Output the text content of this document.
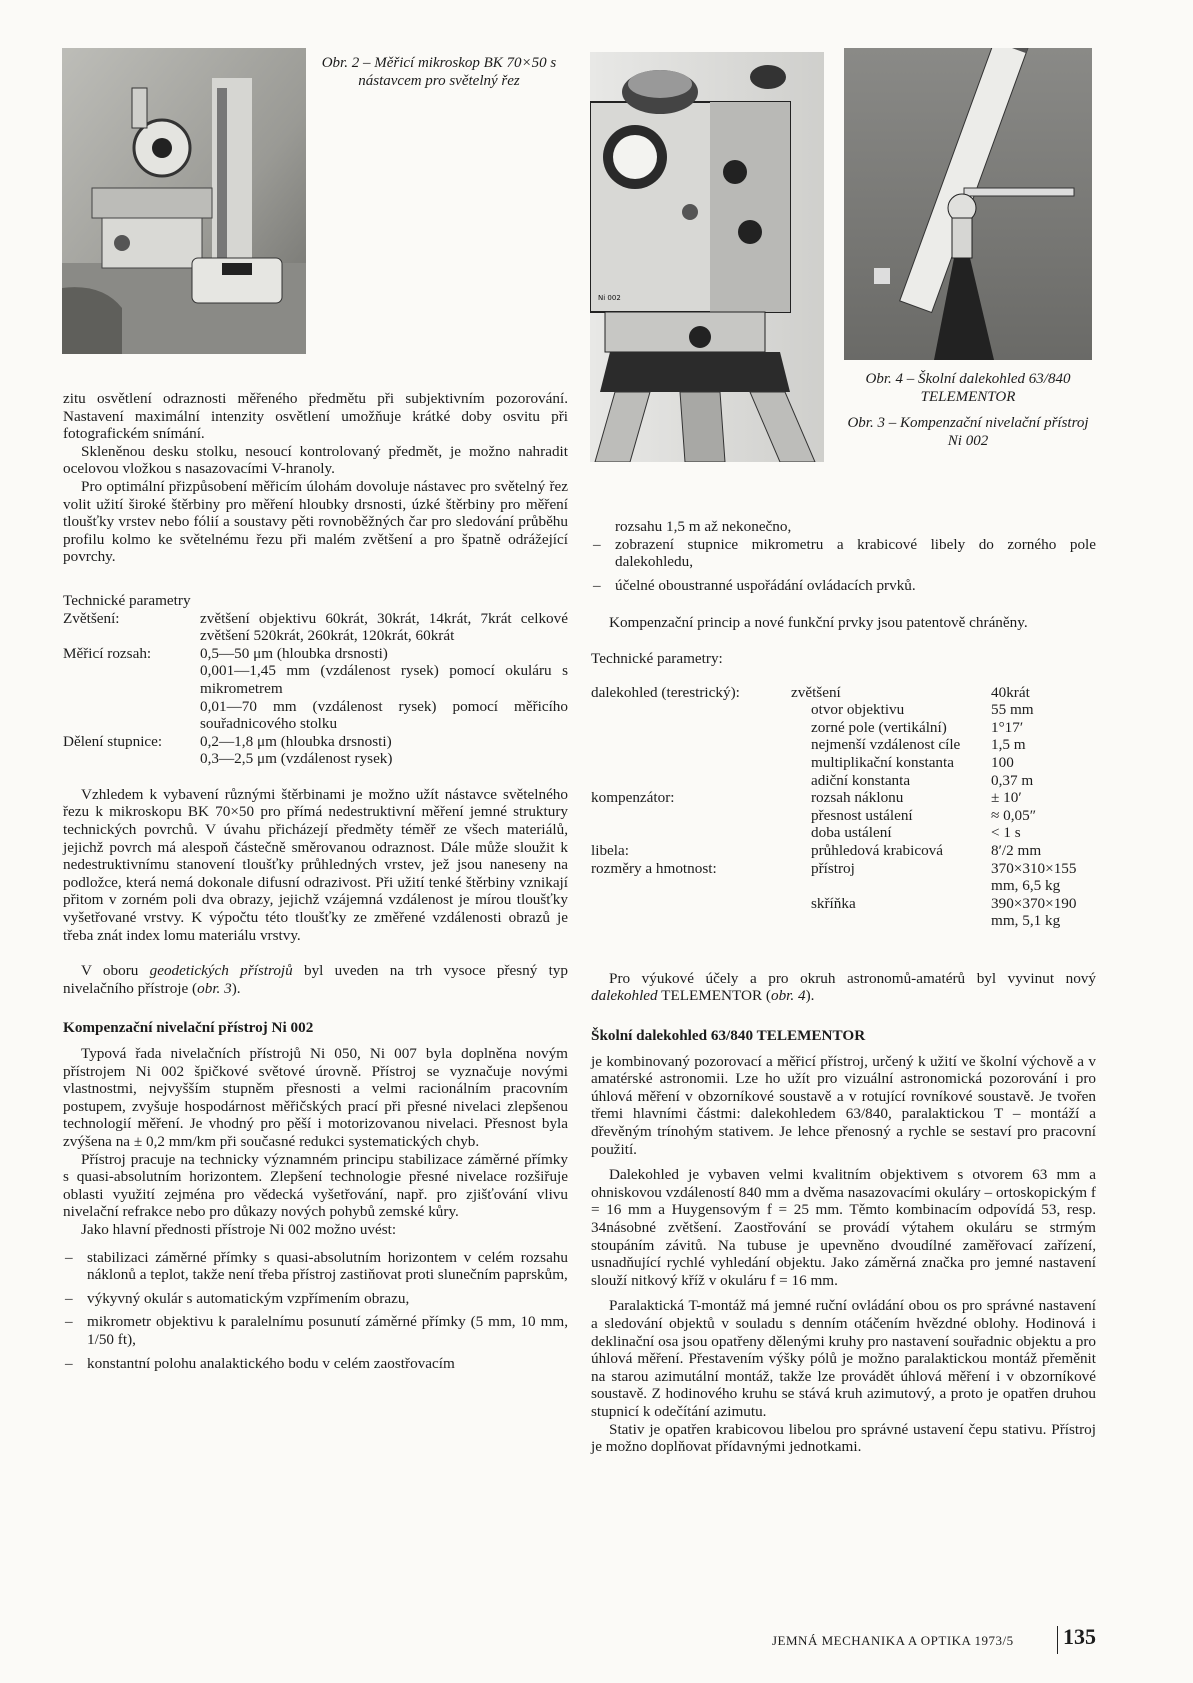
Obr. 2 – Měřicí mikroskop BK 70×50 s nástavcem pro světelný řez
Ni 002
Obr. 4 – Školní dalekohled 63/840 TELEMENTOR
Obr. 3 – Kompenzační nivelační přístroj Ni 002

zitu osvětlení odraznosti měřeného předmětu při subjektivním pozorování. Nastavení maximální intenzity osvětlení umožňuje krátké doby osvitu při fotografickém snímání.

Skleněnou desku stolku, nesoucí kontrolovaný předmět, je možno nahradit ocelovou vložkou s nasazovacími V-hranoly.

Pro optimální přizpůsobení měřicím úlohám dovoluje nástavec pro světelný řez volit užití široké štěrbiny pro měření hloubky drsnosti, úzké štěrbiny pro měření tloušťky vrstev nebo fólií a soustavy pěti rovnoběžných čar pro sledování průběhu profilu kolmo ke světelnému řezu při malém zvětšení a pro špatně odrážející povrchy.

Technické parametry

Zvětšení:	zvětšení objektivu 60krát, 30krát, 14krát, 7krát celkové zvětšení 520krát, 260krát, 120krát, 60krát
Měřicí rozsah:	0,5—50 μm (hloubka drsnosti)
	0,001—1,45 mm (vzdálenost rysek) pomocí okuláru s mikrometrem
	0,01—70 mm (vzdálenost rysek) pomocí měřicího souřadnicového stolku
Dělení stupnice:	0,2—1,8 μm (hloubka drsnosti)
	0,3—2,5 μm (vzdálenost rysek)

Vzhledem k vybavení různými štěrbinami je možno užít nástavce světelného řezu k mikroskopu BK 70×50 pro přímá nedestruktivní měření jemné struktury technických povrchů. V úvahu přicházejí předměty téměř ze všech materiálů, jejichž povrch má alespoň částečně směrovanou odraznost. Dále může sloužit k nedestruktivnímu stanovení tloušťky průhledných vrstev, jež jsou naneseny na podložce, která nemá dokonale difusní odrazivost. Při užití tenké štěrbiny vznikají přitom v zorném poli dva obrazy, jejichž vzájemná vzdálenost je mírou tloušťky vyšetřované vrstvy. K výpočtu této tloušťky ze změřené vzdálenosti obrazů je třeba znát index lomu materiálu vrstvy.

V oboru geodetických přístrojů byl uveden na trh vysoce přesný typ nivelačního přístroje (obr. 3).

Kompenzační nivelační přístroj Ni 002

Typová řada nivelačních přístrojů Ni 050, Ni 007 byla doplněna novým přístrojem Ni 002 špičkové světové úrovně. Přístroj se vyznačuje novými vlastnostmi, nejvyšším stupněm přesnosti a velmi racionálním pracovním postupem, zvyšuje hospodárnost měřičských prací při přesné nivelaci zlepšenou technologií měření. Je vhodný pro pěší i motorizovanou nivelaci. Přesnost byla zvýšena na ± 0,2 mm/km při současné redukci systematických chyb.

Přístroj pracuje na technicky významném principu stabilizace záměrné přímky s quasi-absolutním horizontem. Zlepšení technologie přesné nivelace rozšiřuje oblasti využití zejména pro vědecká vyšetřování, např. pro zjišťování vlivu nivelační refrakce nebo pro důkazy nových pohybů zemské kůry.

Jako hlavní přednosti přístroje Ni 002 možno uvést:

– stabilizaci záměrné přímky s quasi-absolutním horizontem v celém rozsahu náklonů a teplot, takže není třeba přístroj zastiňovat proti slunečním paprskům,
– výkyvný okulár s automatickým vzpřímením obrazu,
– mikrometr objektivu k paralelnímu posunutí záměrné přímky (5 mm, 10 mm, 1/50 ft),
– konstantní polohu analaktického bodu v celém zaostřovacím

rozsahu 1,5 m až nekonečno,

– zobrazení stupnice mikrometru a krabicové libely do zorného pole dalekohledu,
– účelné oboustranné uspořádání ovládacích prvků.

Kompenzační princip a nové funkční prvky jsou patentově chráněny.

Technické parametry:

dalekohled (terestrický):	zvětšení	40krát
	otvor objektivu	55 mm
	zorné pole (vertikální)	1°17′
	nejmenší vzdálenost cíle	1,5 m
	multiplikační konstanta	100
	adiční konstanta	0,37 m
kompenzátor:	rozsah náklonu	± 10′
	přesnost ustálení	≈ 0,05″
	doba ustálení	< 1 s
libela:	průhledová krabicová	8′/2 mm
rozměry a hmotnost:	přístroj	370×310×155 mm, 6,5 kg
	skříňka	390×370×190 mm, 5,1 kg

Pro výukové účely a pro okruh astronomů-amatérů byl vyvinut nový dalekohled TELEMENTOR (obr. 4).

Školní dalekohled 63/840 TELEMENTOR

je kombinovaný pozorovací a měřicí přístroj, určený k užití ve školní výchově a v amatérské astronomii. Lze ho užít pro vizuální astronomická pozorování i pro úhlová měření v obzorníkové soustavě a v rotující rovníkové soustavě. Je tvořen třemi hlavními částmi: dalekohledem 63/840, paralaktickou T – montáží a dřevěným trínohým stativem. Je lehce přenosný a rychle se sestaví pro pracovní použití.

Dalekohled je vybaven velmi kvalitním objektivem s otvorem 63 mm a ohniskovou vzdáleností 840 mm a dvěma nasazovacími okuláry – ortoskopickým f = 16 mm a Huygensovým f = 25 mm. Těmto kombinacím odpovídá 53, resp. 34násobné zvětšení. Zaostřování se provádí výtahem okuláru se strmým stoupáním závitů. Na tubuse je upevněno dvoudílné zaměřovací zařízení, usnadňující rychlé vyhledání objektu. Jako záměrná značka pro jemné nastavení slouží nitkový kříž v okuláru f = 16 mm.

Paralaktická T-montáž má jemné ruční ovládání obou os pro správné nastavení a sledování objektů v souladu s denním otáčením hvězdné oblohy. Hodinová i deklinační osa jsou opatřeny dělenými kruhy pro nastavení souřadnic objektu a pro úhlová měření. Přestavením výšky pólů je možno paralaktickou montáž přeměnit na starou azimutální montáž, takže lze provádět úhlová měření i v obzorníkové soustavě. Z hodinového kruhu se stává kruh azimutový, a proto je opatřen druhou stupnicí k odečítání azimutu.

Stativ je opatřen krabicovou libelou pro správné ustavení čepu stativu. Přístroj je možno doplňovat přídavnými jednotkami.

JEMNÁ MECHANIKA A OPTIKA 1973/5 135
